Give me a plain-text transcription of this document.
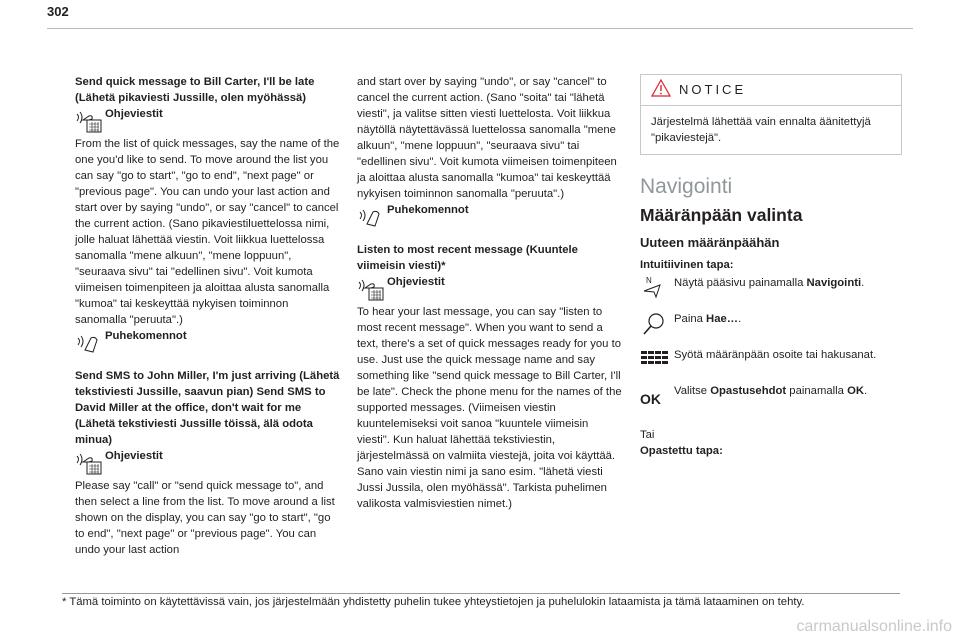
302

Send quick message to Bill Carter, I'll be late (Lähetä pikaviesti Jussille, olen myöhässä)

Ohjeviestit

From the list of quick messages, say the name of the one you'd like to send. To move around the list you can say "go to start", "go to end", "next page" or "previous page". You can undo your last action and start over by saying "undo", or say "cancel" to cancel the current action. (Sano pikaviestiluettelossa nimi, jolle haluat lähettää viestin. Voit liikkua luettelossa sanomalla "mene alkuun", "mene loppuun", "seuraava sivu" tai "edellinen sivu". Voit kumota viimeisen toimenpiteen ja aloittaa alusta sanomalla "kumoa" tai keskeyttää nykyisen toiminnon sanomalla "peruuta".)

Puhekomennot

Send SMS to John Miller, I'm just arriving (Lähetä tekstiviesti Jussille, saavun pian) Send SMS to David Miller at the office, don't wait for me (Lähetä tekstiviesti Jussille töissä, älä odota minua)

Ohjeviestit

Please say "call" or "send quick message to", and then select a line from the list. To move around a list shown on the display, you can say "go to start", "go to end", "next page" or "previous page". You can undo your last action

and start over by saying "undo", or say "cancel" to cancel the current action. (Sano "soita" tai "lähetä viesti", ja valitse sitten viesti luettelosta. Voit liikkua näytöllä näytettävässä luettelossa sanomalla "mene alkuun", "mene loppuun", "seuraava sivu" tai "edellinen sivu". Voit kumota viimeisen toimenpiteen ja aloittaa alusta sanomalla "kumoa" tai keskeyttää nykyisen toiminnon sanomalla "peruuta".)

Puhekomennot

Listen to most recent message (Kuuntele viimeisin viesti)*

Ohjeviestit

To hear your last message, you can say "listen to most recent message". When you want to send a text, there's a set of quick messages ready for you to use. Just use the quick message name and say something like "send quick message to Bill Carter, I'll be late". Check the phone menu for the names of the supported messages. (Viimeisen viestin kuuntelemiseksi voit sanoa "kuuntele viimeisin viesti". Kun haluat lähettää tekstiviestin, järjestelmässä on valmiita viestejä, joita voi käyttää. Sano vain viestin nimi ja sano esim. "lähetä viesti Jussi Jussila, olen myöhässä". Tarkista puhelimen valikosta valmisviestien nimet.)

NOTICE
Järjestelmä lähettää vain ennalta äänitettyjä "pikaviestejä".
Navigointi
Määränpään valinta
Uuteen määränpäähän

Intuitiivinen tapa:

N Näytä pääsivu painamalla Navigointi.
Paina Hae….
Syötä määränpään osoite tai hakusanat.
OK	Valitse Opastusehdot painamalla OK.

Tai

Opastettu tapa:

* Tämä toiminto on käytettävissä vain, jos järjestelmään yhdistetty puhelin tukee yhteystietojen ja puhelulokin lataamista ja tämä lataaminen on tehty.
carmanualsonline.info
